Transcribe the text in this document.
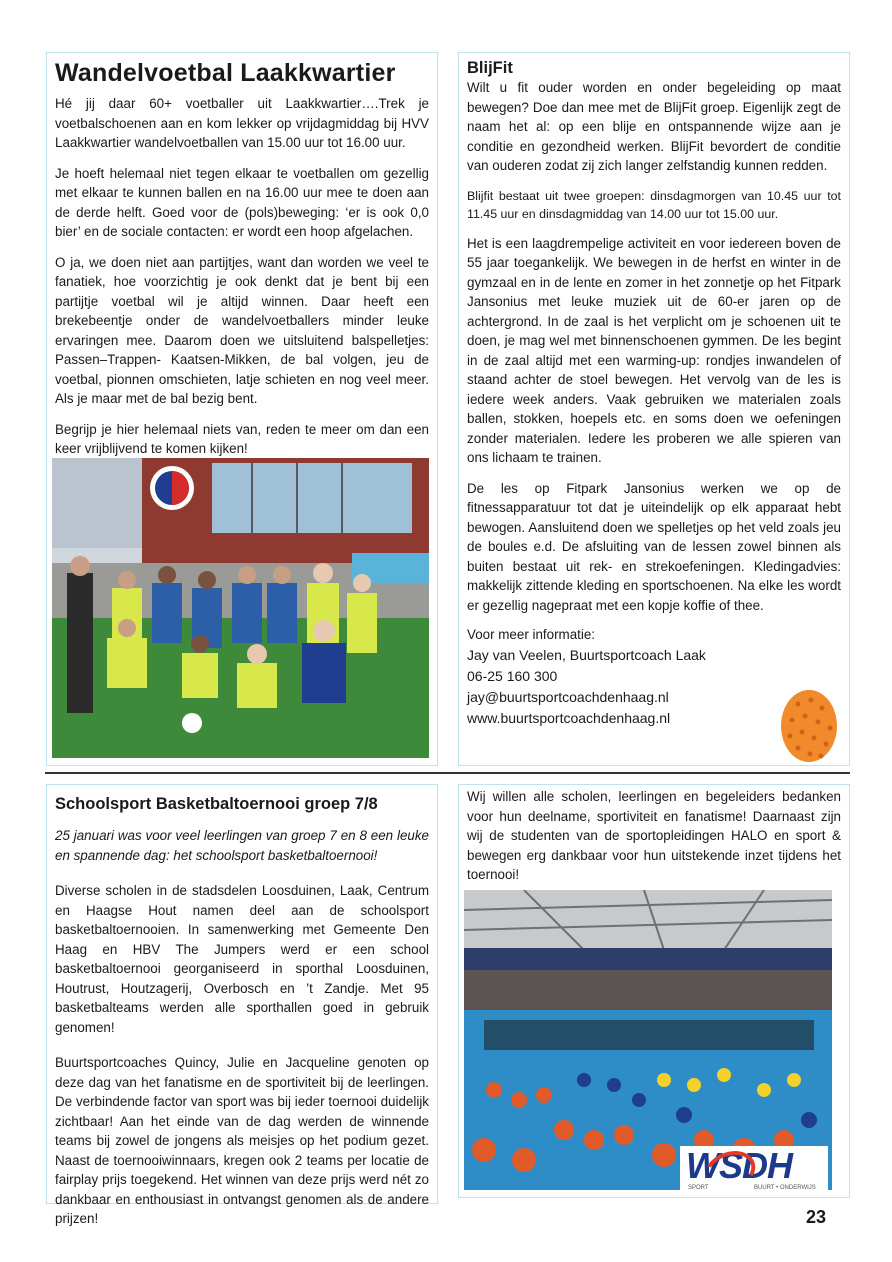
Wandelvoetbal Laakkwartier

Hé jij daar 60+ voetballer uit Laakkwartier….Trek je voetbalschoenen aan en kom lekker op vrijdagmiddag bij HVV Laakkwartier wandelvoetballen van 15.00 uur tot 16.00 uur.

Je hoeft helemaal niet tegen elkaar te voetballen om gezellig met elkaar te kunnen ballen en na 16.00 uur mee te doen aan de derde helft. Goed voor de (pols)beweging: ‘er is ook 0,0 bier’ en de sociale contacten: er wordt een hoop afgelachen.

O ja, we doen niet aan partijtjes, want dan worden we veel te fanatiek, hoe voorzichtig je ook denkt dat je bent bij een partijtje voetbal wil je altijd winnen. Daar heeft een brekebeentje onder de wandelvoetballers minder leuke ervaringen mee. Daarom doen we uitsluitend balspelletjes: Passen–Trappen- Kaatsen-Mikken, de bal volgen, jeu de voetbal, pionnen omschieten, latje schieten en nog veel meer. Als je maar met de bal bezig bent.

Begrijp je hier helemaal niets van, reden te meer om dan een keer vrijblijvend te komen kijken!

BlijFit

Wilt u fit ouder worden en onder begeleiding op maat bewegen? Doe dan mee met de BlijFit groep. Eigenlijk zegt de naam het al: op een blije en ontspannende wijze aan je conditie en gezondheid werken. BlijFit bevordert de conditie van ouderen zodat zij zich langer zelfstandig kunnen redden.

Blijfit bestaat uit twee groepen: dinsdagmorgen van 10.45 uur tot 11.45 uur en dinsdagmiddag van 14.00 uur tot 15.00 uur.

Het is een laagdrempelige activiteit en voor iedereen boven de 55 jaar toegankelijk. We bewegen in de herfst en winter in de gymzaal en in de lente en zomer in het zonnetje op het Fitpark Jansonius met leuke muziek uit de 60-er jaren op de achtergrond. In de zaal is het verplicht om je schoenen uit te doen, je mag wel met binnenschoenen gymmen. De les begint in de zaal altijd met een warming-up: rondjes inwandelen of staand achter de stoel bewegen. Het vervolg van de les is iedere week anders. Vaak gebruiken we materialen zoals ballen, stokken, hoepels etc. en soms doen we oefeningen zonder materialen. Iedere les proberen we alle spieren van ons lichaam te trainen.

De les op Fitpark Jansonius werken we op de fitnessapparatuur tot dat je uiteindelijk op elk apparaat hebt bewogen. Aansluitend doen we spelletjes op het veld zoals jeu de boules e.d. De afsluiting van de lessen zowel binnen als buiten bestaat uit rek- en strekoefeningen. Kledingadvies: makkelijk zittende kleding en sportschoenen. Na elke les wordt er gezellig nagepraat met een kopje koffie of thee.

Voor meer informatie:

Jay van Veelen, Buurtsportcoach Laak

06-25 160 300

jay@buurtsportcoachdenhaag.nl

www.buurtsportcoachdenhaag.nl

Schoolsport Basketbaltoernooi groep 7/8

25 januari was voor veel leerlingen van groep 7 en 8 een leuke en spannende dag: het schoolsport basketbaltoernooi!

Diverse scholen in de stadsdelen Loosduinen, Laak, Centrum en Haagse Hout namen deel aan de schoolsport basketbaltoernooien. In samenwerking met Gemeente Den Haag en HBV The Jumpers werd er een school basketbaltoernooi georganiseerd in sporthal Loosduinen, Houtrust, Houtzagerij, Overbosch en ’t Zandje. Met 95 basketbalteams werden alle sporthallen goed in gebruik genomen!

Buurtsportcoaches Quincy, Julie en Jacqueline genoten op deze dag van het fanatisme en de sportiviteit bij de leerlingen. De verbindende factor van sport was bij ieder toernooi duidelijk zichtbaar! Aan het einde van de dag werden de winnende teams bij zowel de jongens als meisjes op het podium gezet. Naast de toernooiwinnaars, kregen ook 2 teams per locatie de fairplay prijs toegekend. Het winnen van deze prijs werd nét zo dankbaar en enthousiast in ontvangst genomen als de andere prijzen!

Wij willen alle scholen, leerlingen en begeleiders bedanken voor hun deelname, sportiviteit en fanatisme! Daarnaast zijn wij de studenten van de sportopleidingen HALO en sport & bewegen erg dankbaar voor hun uitstekende inzet tijdens het toernooi!

WSDH
SPORT	BUURT • ONDERWIJS
23
